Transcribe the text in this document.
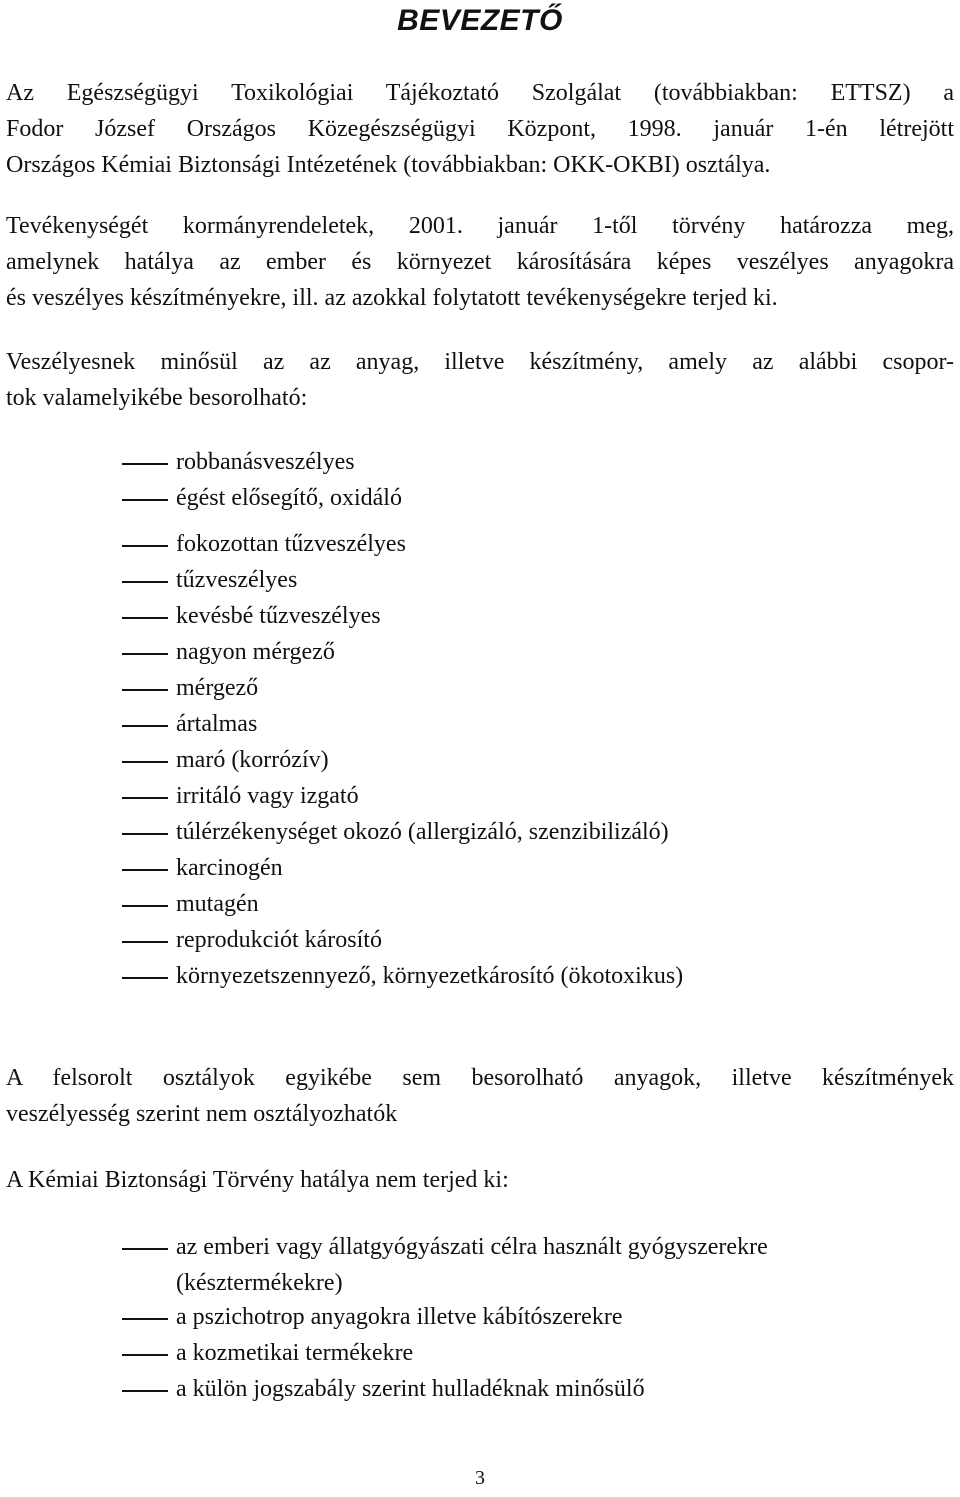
BEVEZETŐ

Az Egészségügyi Toxikológiai Tájékoztató Szolgálat (továbbiakban: ETTSZ) a
Fodor József Országos Közegészségügyi Központ, 1998. január 1-én létrejött
Országos Kémiai Biztonsági Intézetének (továbbiakban: OKK-OKBI) osztálya.

Tevékenységét kormányrendeletek, 2001. január 1-től törvény határozza meg,
amelynek hatálya az ember és környezet károsítására képes veszélyes anyagokra
és veszélyes készítményekre, ill. az azokkal folytatott tevékenységekre terjed ki.

Veszélyesnek minősül az az anyag, illetve készítmény, amely az alábbi csopor-
tok valamelyikébe besorolható:

robbanásveszélyes
égést elősegítő, oxidáló
fokozottan tűzveszélyes
tűzveszélyes
kevésbé tűzveszélyes
nagyon mérgező
mérgező
ártalmas
maró (korrózív)
irritáló vagy izgató
túlérzékenységet okozó (allergizáló, szenzibilizáló)
karcinogén
mutagén
reprodukciót károsító
környezetszennyező, környezetkárosító (ökotoxikus)

A felsorolt osztályok egyikébe sem besorolható anyagok, illetve készítmények
veszélyesség szerint nem osztályozhatók

A Kémiai Biztonsági Törvény hatálya nem terjed ki:

az emberi vagy állatgyógyászati célra használt gyógyszerekre
(késztermékekre)
a pszichotrop anyagokra illetve kábítószerekre
a kozmetikai termékekre
a külön jogszabály szerint hulladéknak minősülő
3
